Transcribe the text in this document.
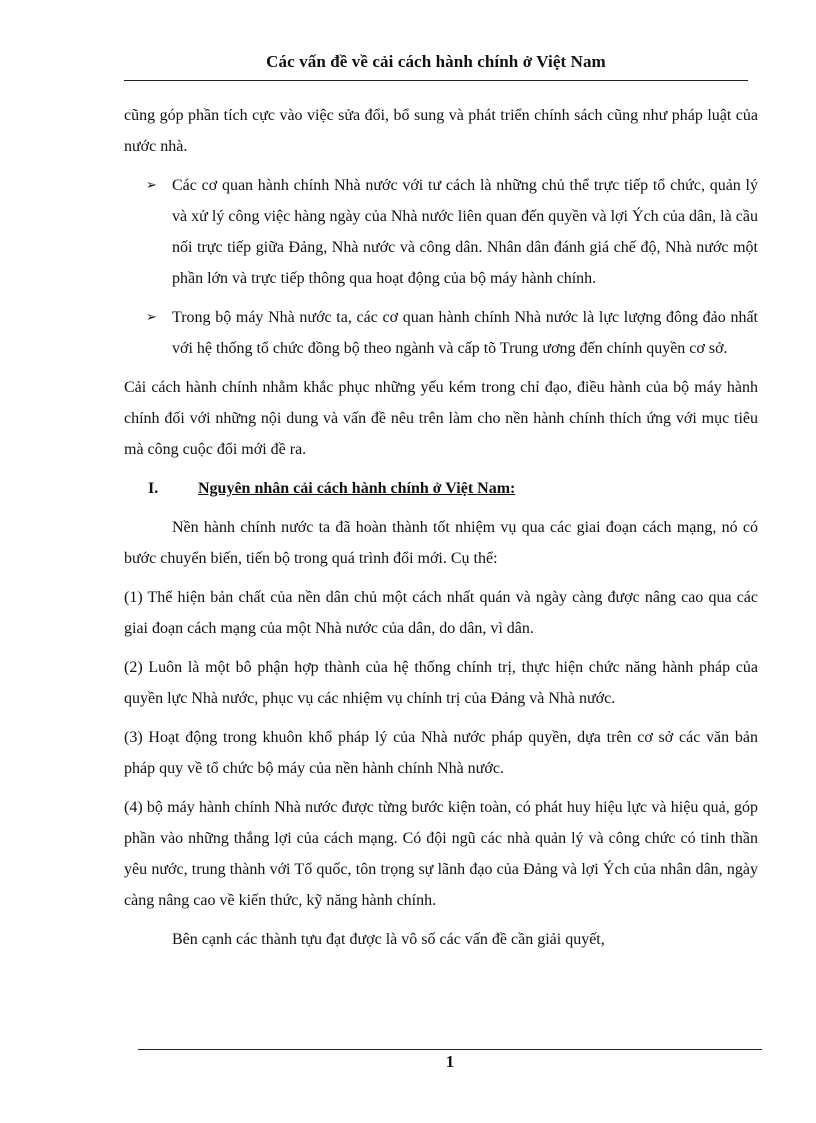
Các vấn đề về cải cách hành chính ở Việt Nam

cũng góp phần tích cực vào việc sửa đổi, bổ sung và phát triển chính sách cũng như pháp luật của nước nhà.

➢ Các cơ quan hành chính Nhà nước với tư cách là những chủ thể trực tiếp tổ chức, quản lý và xử lý công việc hàng ngày của Nhà nước liên quan đến quyền và lợi Ých của dân, là cầu nối trực tiếp giữa Đảng, Nhà nước và công dân. Nhân dân đánh giá chế độ, Nhà nước một phần lớn và trực tiếp thông qua hoạt động của bộ máy hành chính.
➢ Trong bộ máy Nhà nước ta, các cơ quan hành chính Nhà nước là lực lượng đông đảo nhất với hệ thống tổ chức đồng bộ theo ngành và cấp tõ Trung ương đến chính quyền cơ sở.

Cải cách hành chính nhằm khắc phục những yếu kém trong chỉ đạo, điều hành của bộ máy hành chính đối với những nội dung và vấn đề nêu trên làm cho nền hành chính thích ứng với mục tiêu mà công cuộc đổi mới đề ra.

I. Nguyên nhân cải cách hành chính ở Việt Nam:

Nền hành chính nước ta đã hoàn thành tốt nhiệm vụ qua các giai đoạn cách mạng, nó có bước chuyển biến, tiến bộ trong quá trình đổi mới. Cụ thể:

(1) Thể hiện bản chất của nền dân chủ một cách nhất quán và ngày càng được nâng cao qua các giai đoạn cách mạng của một Nhà nước của dân, do dân, vì dân.

(2) Luôn là một bô phận hợp thành của hệ thống chính trị, thực hiện chức năng hành pháp của quyền lực Nhà nước, phục vụ các nhiệm vụ chính trị của Đảng và Nhà nước.

(3) Hoạt động trong khuôn khổ pháp lý của Nhà nước pháp quyền, dựa trên cơ sở các văn bản pháp quy về tổ chức bộ máy của nền hành chính Nhà nước.

(4) bộ máy hành chính Nhà nước được từng bước kiện toàn, có phát huy hiệu lực và hiệu quả, góp phần vào những thắng lợi của cách mạng. Có đội ngũ các nhà quản lý và công chức có tinh thần yêu nước, trung thành với Tổ quốc, tôn trọng sự lãnh đạo của Đảng và lợi Ých của nhân dân, ngày càng nâng cao về kiến thức, kỹ năng hành chính.

Bên cạnh các thành tựu đạt được là vô số các vấn đề cần giải quyết,

1
